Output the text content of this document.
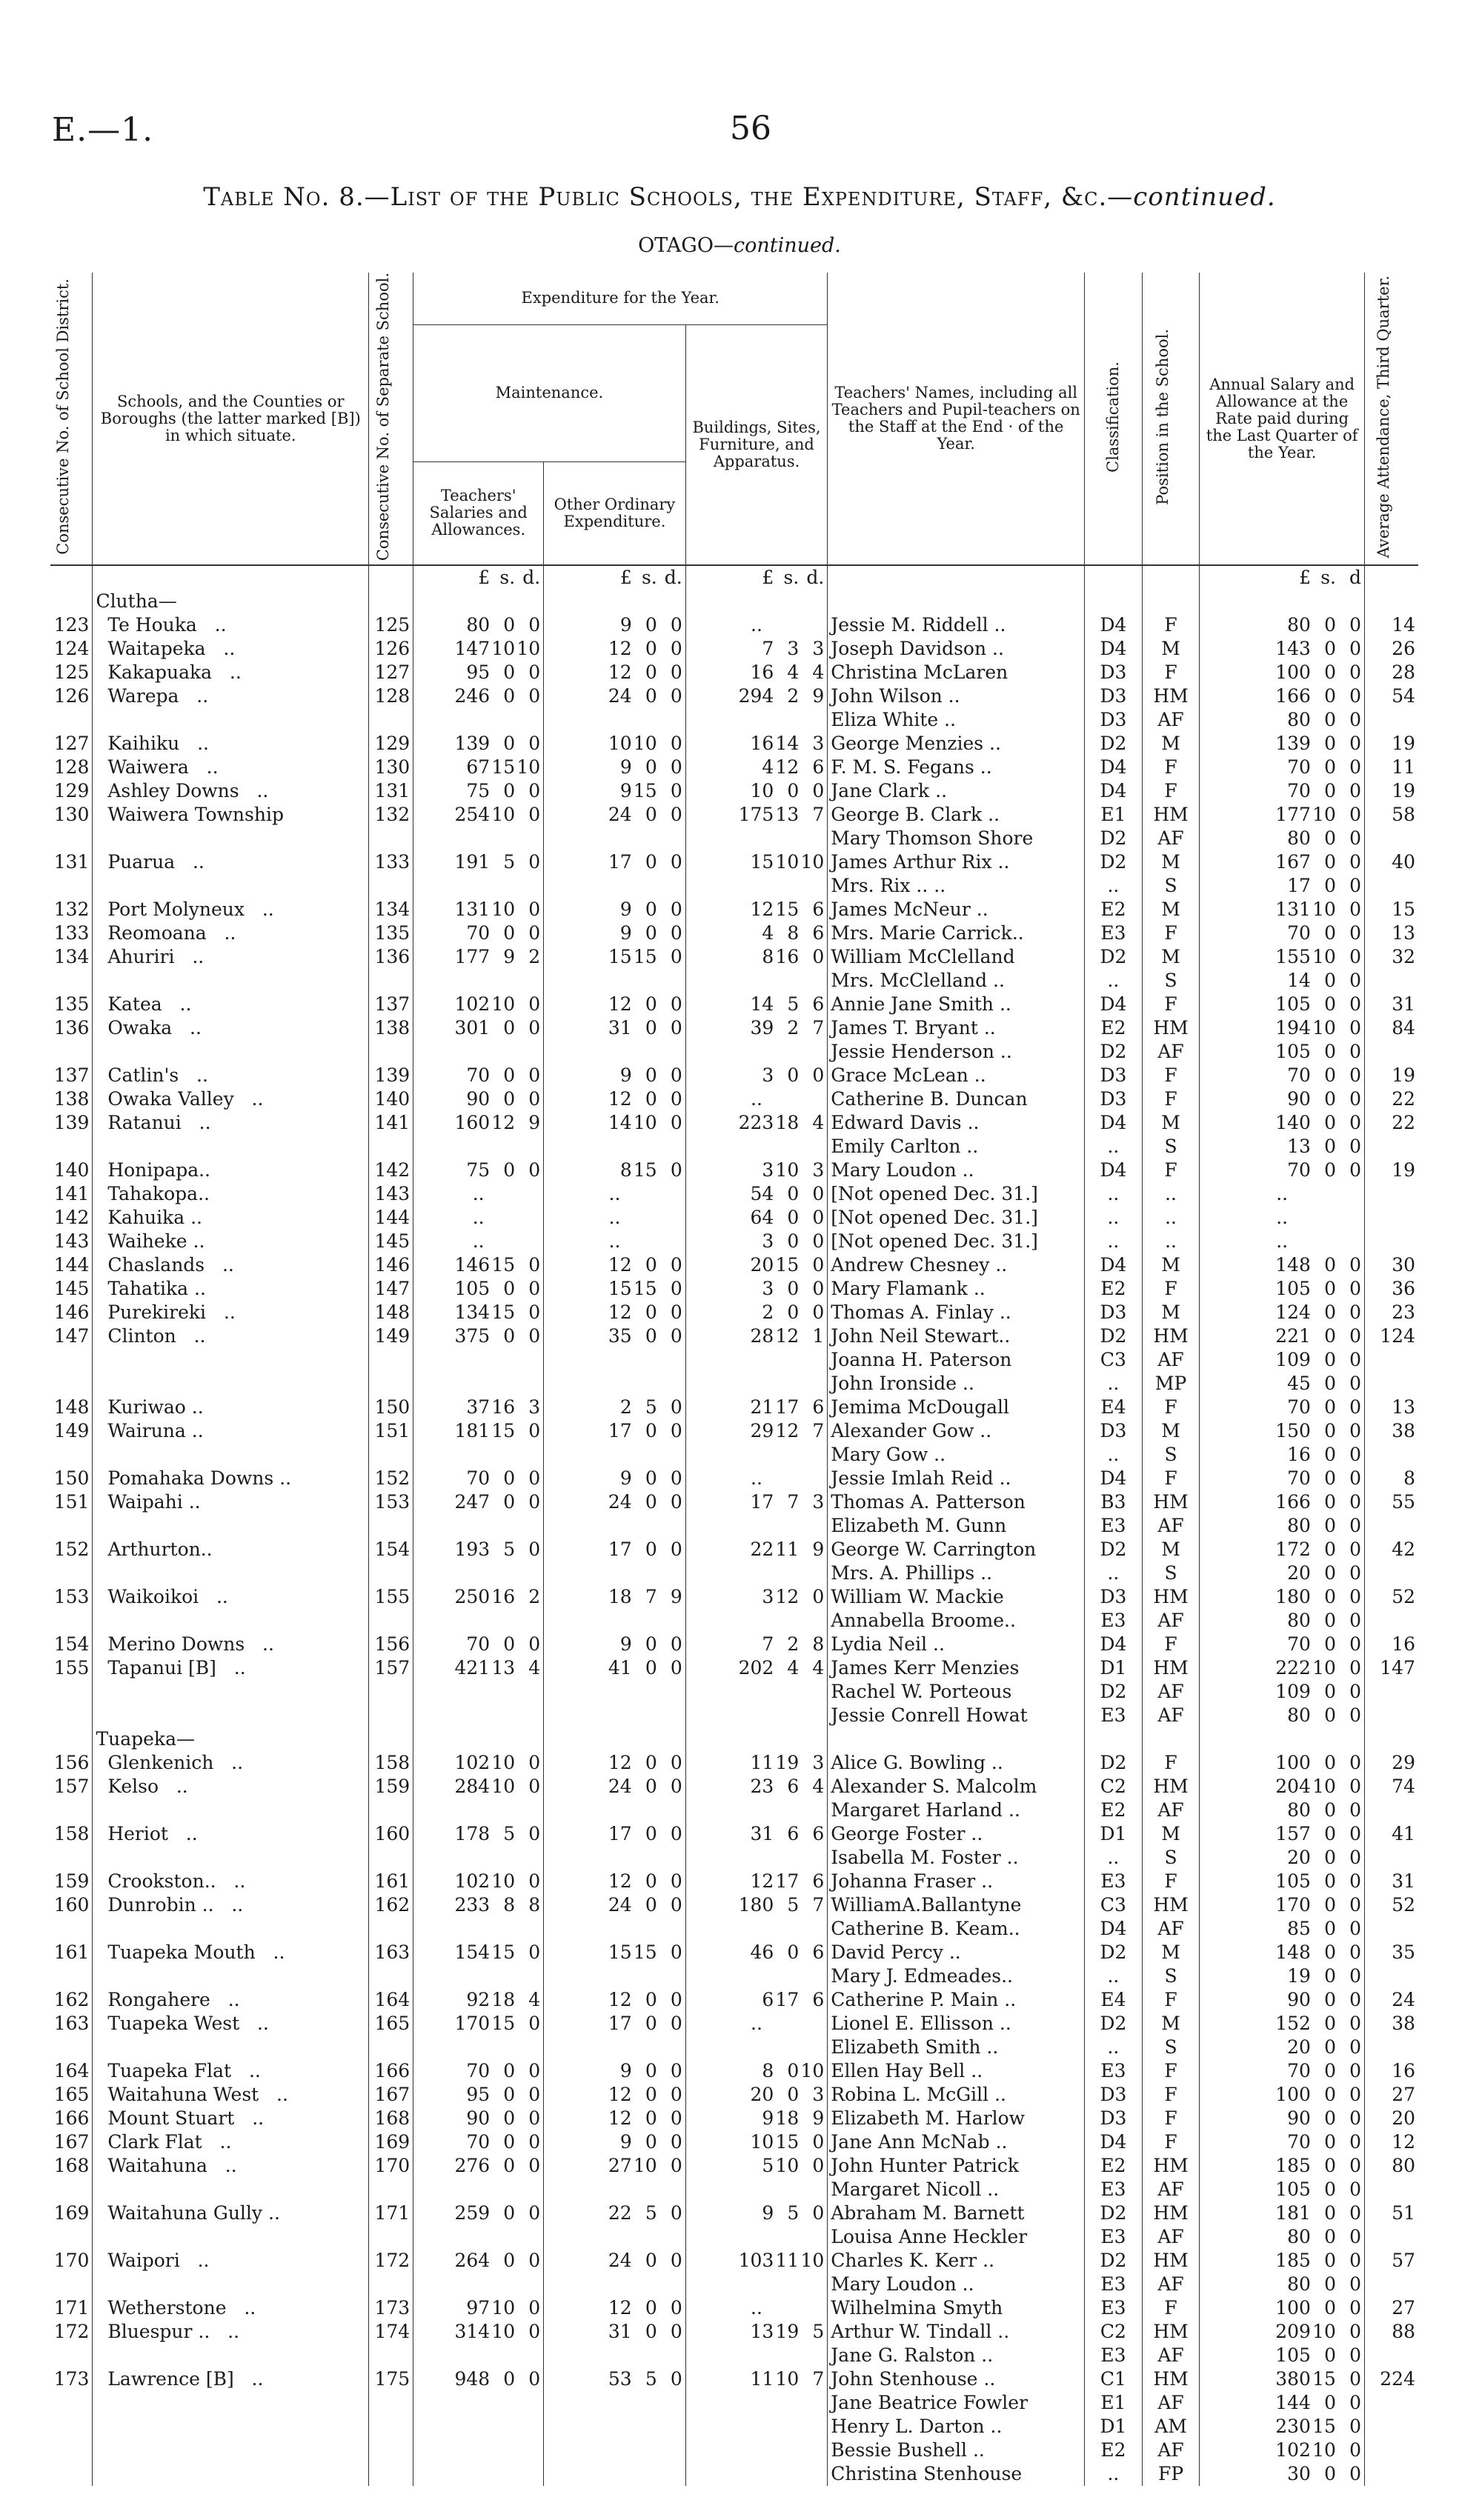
E.—1.	56
Table No. 8.—List of the Public Schools, the Expenditure, Staff, &c.—continued.
OTAGO—continued.
Consecutive No. of School District.	Schools, and the Counties or Boroughs (the latter marked [B]) in which situate.	Consecutive No. of Separate School.	Expenditure for the Year.			Teachers' Names, including all Teachers and Pupil-teachers on the Staff at the End · of the Year.	Classification.	Position in the School.	Annual Salary and Allowance at the Rate paid during the Last Quarter of the Year.	Average Attendance, Third Quarter.
			Maintenance.		Buildings, Sites, Furniture, and Apparatus.					
			Teachers' Salaries and Allowances.	Other Ordinary Expenditure.						

			£ s. d.	£ s. d.	£ s. d.				£ s. d	

	Clutha—									
123	Te Houka   ..	125	80 0 0	9 0 0	..	Jessie M. Riddell ..	D4	F	80 0 0	14
124	Waitapeka   ..	126	147 10 10	12 0 0	7 3 3	Joseph Davidson ..	D4	M	143 0 0	26
125	Kakapuaka   ..	127	95 0 0	12 0 0	16 4 4	Christina McLaren	D3	F	100 0 0	28
126	Warepa   ..	128	246 0 0	24 0 0	294 2 9	John Wilson ..	D3	HM	166 0 0	54
						Eliza White ..	D3	AF	80 0 0	

127	Kaihiku   ..	129	139 0 0	10 10 0	16 14 3	George Menzies ..	D2	M	139 0 0	19
128	Waiwera   ..	130	67 15 10	9 0 0	4 12 6	F. M. S. Fegans ..	D4	F	70 0 0	11
129	Ashley Downs   ..	131	75 0 0	9 15 0	10 0 0	Jane Clark ..	D4	F	70 0 0	19
130	Waiwera Township	132	254 10 0	24 0 0	175 13 7	George B. Clark ..	E1	HM	177 10 0	58
						Mary Thomson Shore	D2	AF	80 0 0	

131	Puarua   ..	133	191 5 0	17 0 0	15 10 10	James Arthur Rix ..	D2	M	167 0 0	40
						Mrs. Rix .. ..	..	S	17 0 0	

132	Port Molyneux   ..	134	131 10 0	9 0 0	12 15 6	James McNeur ..	E2	M	131 10 0	15
133	Reomoana   ..	135	70 0 0	9 0 0	4 8 6	Mrs. Marie Carrick..	E3	F	70 0 0	13
134	Ahuriri   ..	136	177 9 2	15 15 0	8 16 0	William McClelland	D2	M	155 10 0	32
						Mrs. McClelland ..	..	S	14 0 0	

135	Katea   ..	137	102 10 0	12 0 0	14 5 6	Annie Jane Smith ..	D4	F	105 0 0	31
136	Owaka   ..	138	301 0 0	31 0 0	39 2 7	James T. Bryant ..	E2	HM	194 10 0	84
						Jessie Henderson ..	D2	AF	105 0 0	

137	Catlin's   ..	139	70 0 0	9 0 0	3 0 0	Grace McLean ..	D3	F	70 0 0	19
138	Owaka Valley   ..	140	90 0 0	12 0 0	..	Catherine B. Duncan	D3	F	90 0 0	22
139	Ratanui   ..	141	160 12 9	14 10 0	223 18 4	Edward Davis ..	D4	M	140 0 0	22
						Emily Carlton ..	..	S	13 0 0	

140	Honipapa..	142	75 0 0	8 15 0	3 10 3	Mary Loudon ..	D4	F	70 0 0	19
141	Tahakopa..	143	..	..	54 0 0	[Not opened Dec. 31.]	..	..	..	
142	Kahuika ..	144	..	..	64 0 0	[Not opened Dec. 31.]	..	..	..	
143	Waiheke ..	145	..	..	3 0 0	[Not opened Dec. 31.]	..	..	..	
144	Chaslands   ..	146	146 15 0	12 0 0	20 15 0	Andrew Chesney ..	D4	M	148 0 0	30
145	Tahatika ..	147	105 0 0	15 15 0	3 0 0	Mary Flamank ..	E2	F	105 0 0	36
146	Purekireki   ..	148	134 15 0	12 0 0	2 0 0	Thomas A. Finlay ..	D3	M	124 0 0	23
147	Clinton   ..	149	375 0 0	35 0 0	28 12 1	John Neil Stewart..	D2	HM	221 0 0	124
						Joanna H. Paterson	C3	AF	109 0 0	

						John Ironside ..	..	MP	45 0 0	

148	Kuriwao ..	150	37 16 3	2 5 0	21 17 6	Jemima McDougall	E4	F	70 0 0	13
149	Wairuna ..	151	181 15 0	17 0 0	29 12 7	Alexander Gow ..	D3	M	150 0 0	38
						Mary Gow ..	..	S	16 0 0	

150	Pomahaka Downs ..	152	70 0 0	9 0 0	..	Jessie Imlah Reid ..	D4	F	70 0 0	8
151	Waipahi ..	153	247 0 0	24 0 0	17 7 3	Thomas A. Patterson	B3	HM	166 0 0	55
						Elizabeth M. Gunn	E3	AF	80 0 0	

152	Arthurton..	154	193 5 0	17 0 0	22 11 9	George W. Carrington	D2	M	172 0 0	42
						Mrs. A. Phillips ..	..	S	20 0 0	

153	Waikoikoi   ..	155	250 16 2	18 7 9	3 12 0	William W. Mackie	D3	HM	180 0 0	52
						Annabella Broome..	E3	AF	80 0 0	

154	Merino Downs   ..	156	70 0 0	9 0 0	7 2 8	Lydia Neil ..	D4	F	70 0 0	16
155	Tapanui [B]   ..	157	421 13 4	41 0 0	202 4 4	James Kerr Menzies	D1	HM	222 10 0	147
						Rachel W. Porteous	D2	AF	109 0 0	

						Jessie Conrell Howat	E3	AF	80 0 0	

	Tuapeka—									
156	Glenkenich   ..	158	102 10 0	12 0 0	11 19 3	Alice G. Bowling ..	D2	F	100 0 0	29
157	Kelso   ..	159	284 10 0	24 0 0	23 6 4	Alexander S. Malcolm	C2	HM	204 10 0	74
						Margaret Harland ..	E2	AF	80 0 0	

158	Heriot   ..	160	178 5 0	17 0 0	31 6 6	George Foster ..	D1	M	157 0 0	41
						Isabella M. Foster ..	..	S	20 0 0	

159	Crookston..   ..	161	102 10 0	12 0 0	12 17 6	Johanna Fraser ..	E3	F	105 0 0	31
160	Dunrobin ..   ..	162	233 8 8	24 0 0	180 5 7	WilliamA.Ballantyne	C3	HM	170 0 0	52
						Catherine B. Keam..	D4	AF	85 0 0	

161	Tuapeka Mouth   ..	163	154 15 0	15 15 0	46 0 6	David Percy ..	D2	M	148 0 0	35
						Mary J. Edmeades..	..	S	19 0 0	

162	Rongahere   ..	164	92 18 4	12 0 0	6 17 6	Catherine P. Main ..	E4	F	90 0 0	24
163	Tuapeka West   ..	165	170 15 0	17 0 0	..	Lionel E. Ellisson ..	D2	M	152 0 0	38
						Elizabeth Smith ..	..	S	20 0 0	

164	Tuapeka Flat   ..	166	70 0 0	9 0 0	8 0 10	Ellen Hay Bell ..	E3	F	70 0 0	16
165	Waitahuna West   ..	167	95 0 0	12 0 0	20 0 3	Robina L. McGill ..	D3	F	100 0 0	27
166	Mount Stuart   ..	168	90 0 0	12 0 0	9 18 9	Elizabeth M. Harlow	D3	F	90 0 0	20
167	Clark Flat   ..	169	70 0 0	9 0 0	10 15 0	Jane Ann McNab ..	D4	F	70 0 0	12
168	Waitahuna   ..	170	276 0 0	27 10 0	5 10 0	John Hunter Patrick	E2	HM	185 0 0	80
						Margaret Nicoll ..	E3	AF	105 0 0	

169	Waitahuna Gully ..	171	259 0 0	22 5 0	9 5 0	Abraham M. Barnett	D2	HM	181 0 0	51
						Louisa Anne Heckler	E3	AF	80 0 0	

170	Waipori   ..	172	264 0 0	24 0 0	103 11 10	Charles K. Kerr ..	D2	HM	185 0 0	57
						Mary Loudon ..	E3	AF	80 0 0	

171	Wetherstone   ..	173	97 10 0	12 0 0	..	Wilhelmina Smyth	E3	F	100 0 0	27
172	Bluespur ..   ..	174	314 10 0	31 0 0	13 19 5	Arthur W. Tindall ..	C2	HM	209 10 0	88
						Jane G. Ralston ..	E3	AF	105 0 0	

173	Lawrence [B]   ..	175	948 0 0	53 5 0	11 10 7	John Stenhouse ..	C1	HM	380 15 0	224
						Jane Beatrice Fowler	E1	AF	144 0 0	

						Henry L. Darton ..	D1	AM	230 15 0	

						Bessie Bushell ..	E2	AF	102 10 0	

						Christina Stenhouse	..	FP	30 0 0	
